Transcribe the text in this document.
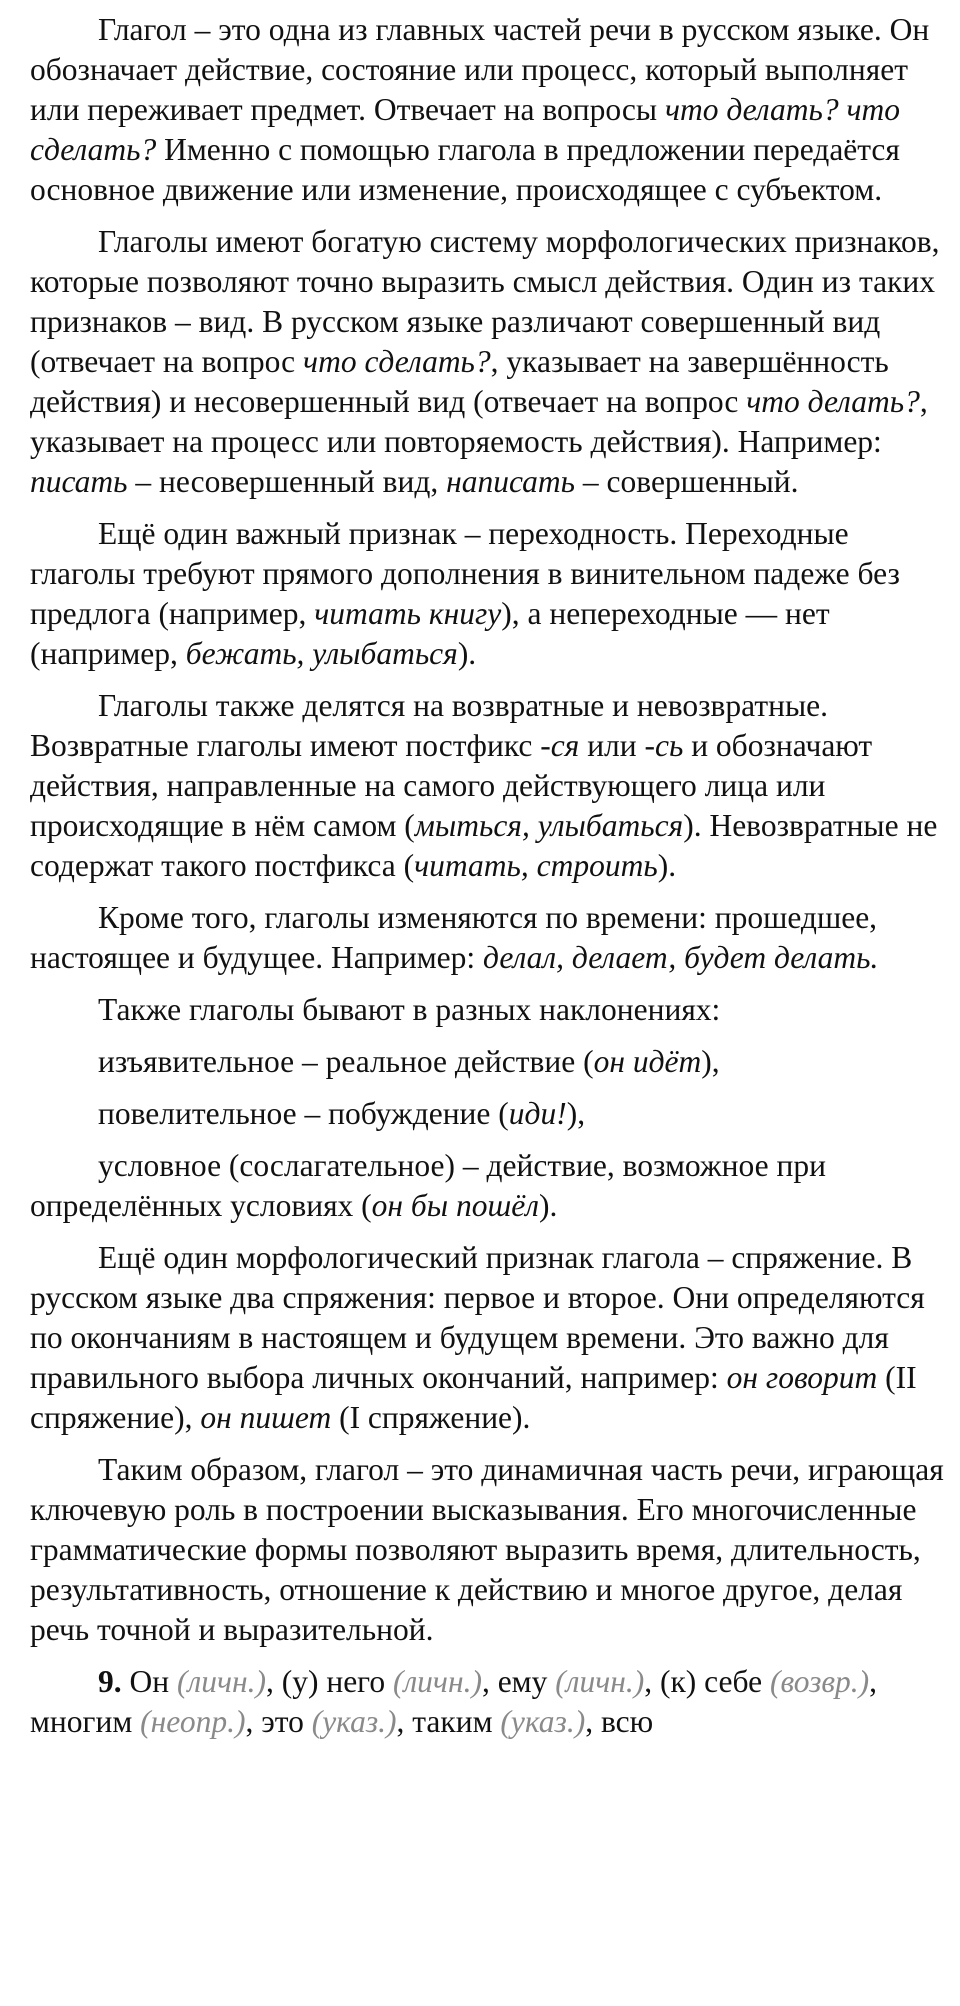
Глагол – это одна из главных частей речи в русском языке. Он обозначает действие, состояние или процесс, который выполняет или переживает предмет. Отвечает на вопросы что делать? что сделать? Именно с помощью глагола в предложении передаётся основное движение или изменение, происходящее с субъектом.

Глаголы имеют богатую систему морфологических признаков, которые позволяют точно выразить смысл действия. Один из таких признаков – вид. В русском языке различают совершенный вид (отвечает на вопрос что сделать?, указывает на завершённость действия) и несовершенный вид (отвечает на вопрос что делать?, указывает на процесс или повторяемость действия). Например: писать – несовершенный вид, написать – совершенный.

Ещё один важный признак – переходность. Переходные глаголы требуют прямого дополнения в винительном падеже без предлога (например, читать книгу), а непереходные — нет (например, бежать, улыбаться).

Глаголы также делятся на возвратные и невозвратные. Возвратные глаголы имеют постфикс -ся или -сь и обозначают действия, направленные на самого действующего лица или происходящие в нём самом (мыться, улыбаться). Невозвратные не содержат такого постфикса (читать, строить).

Кроме того, глаголы изменяются по времени: прошедшее, настоящее и будущее. Например: делал, делает, будет делать.

Также глаголы бывают в разных наклонениях:

изъявительное – реальное действие (он идёт),

повелительное – побуждение (иди!),

условное (сослагательное) – действие, возможное при определённых условиях (он бы пошёл).

Ещё один морфологический признак глагола – спряжение. В русском языке два спряжения: первое и второе. Они определяются по окончаниям в настоящем и будущем времени. Это важно для правильного выбора личных окончаний, например: он говорит (II спряжение), он пишет (I спряжение).

Таким образом, глагол – это динамичная часть речи, играющая ключевую роль в построении высказывания. Его многочисленные грамматические формы позволяют выразить время, длительность, результативность, отношение к действию и многое другое, делая речь точной и выразительной.

9. Он (личн.), (у) него (личн.), ему (личн.), (к) себе (возвр.), многим (неопр.), это (указ.), таким (указ.), всю
